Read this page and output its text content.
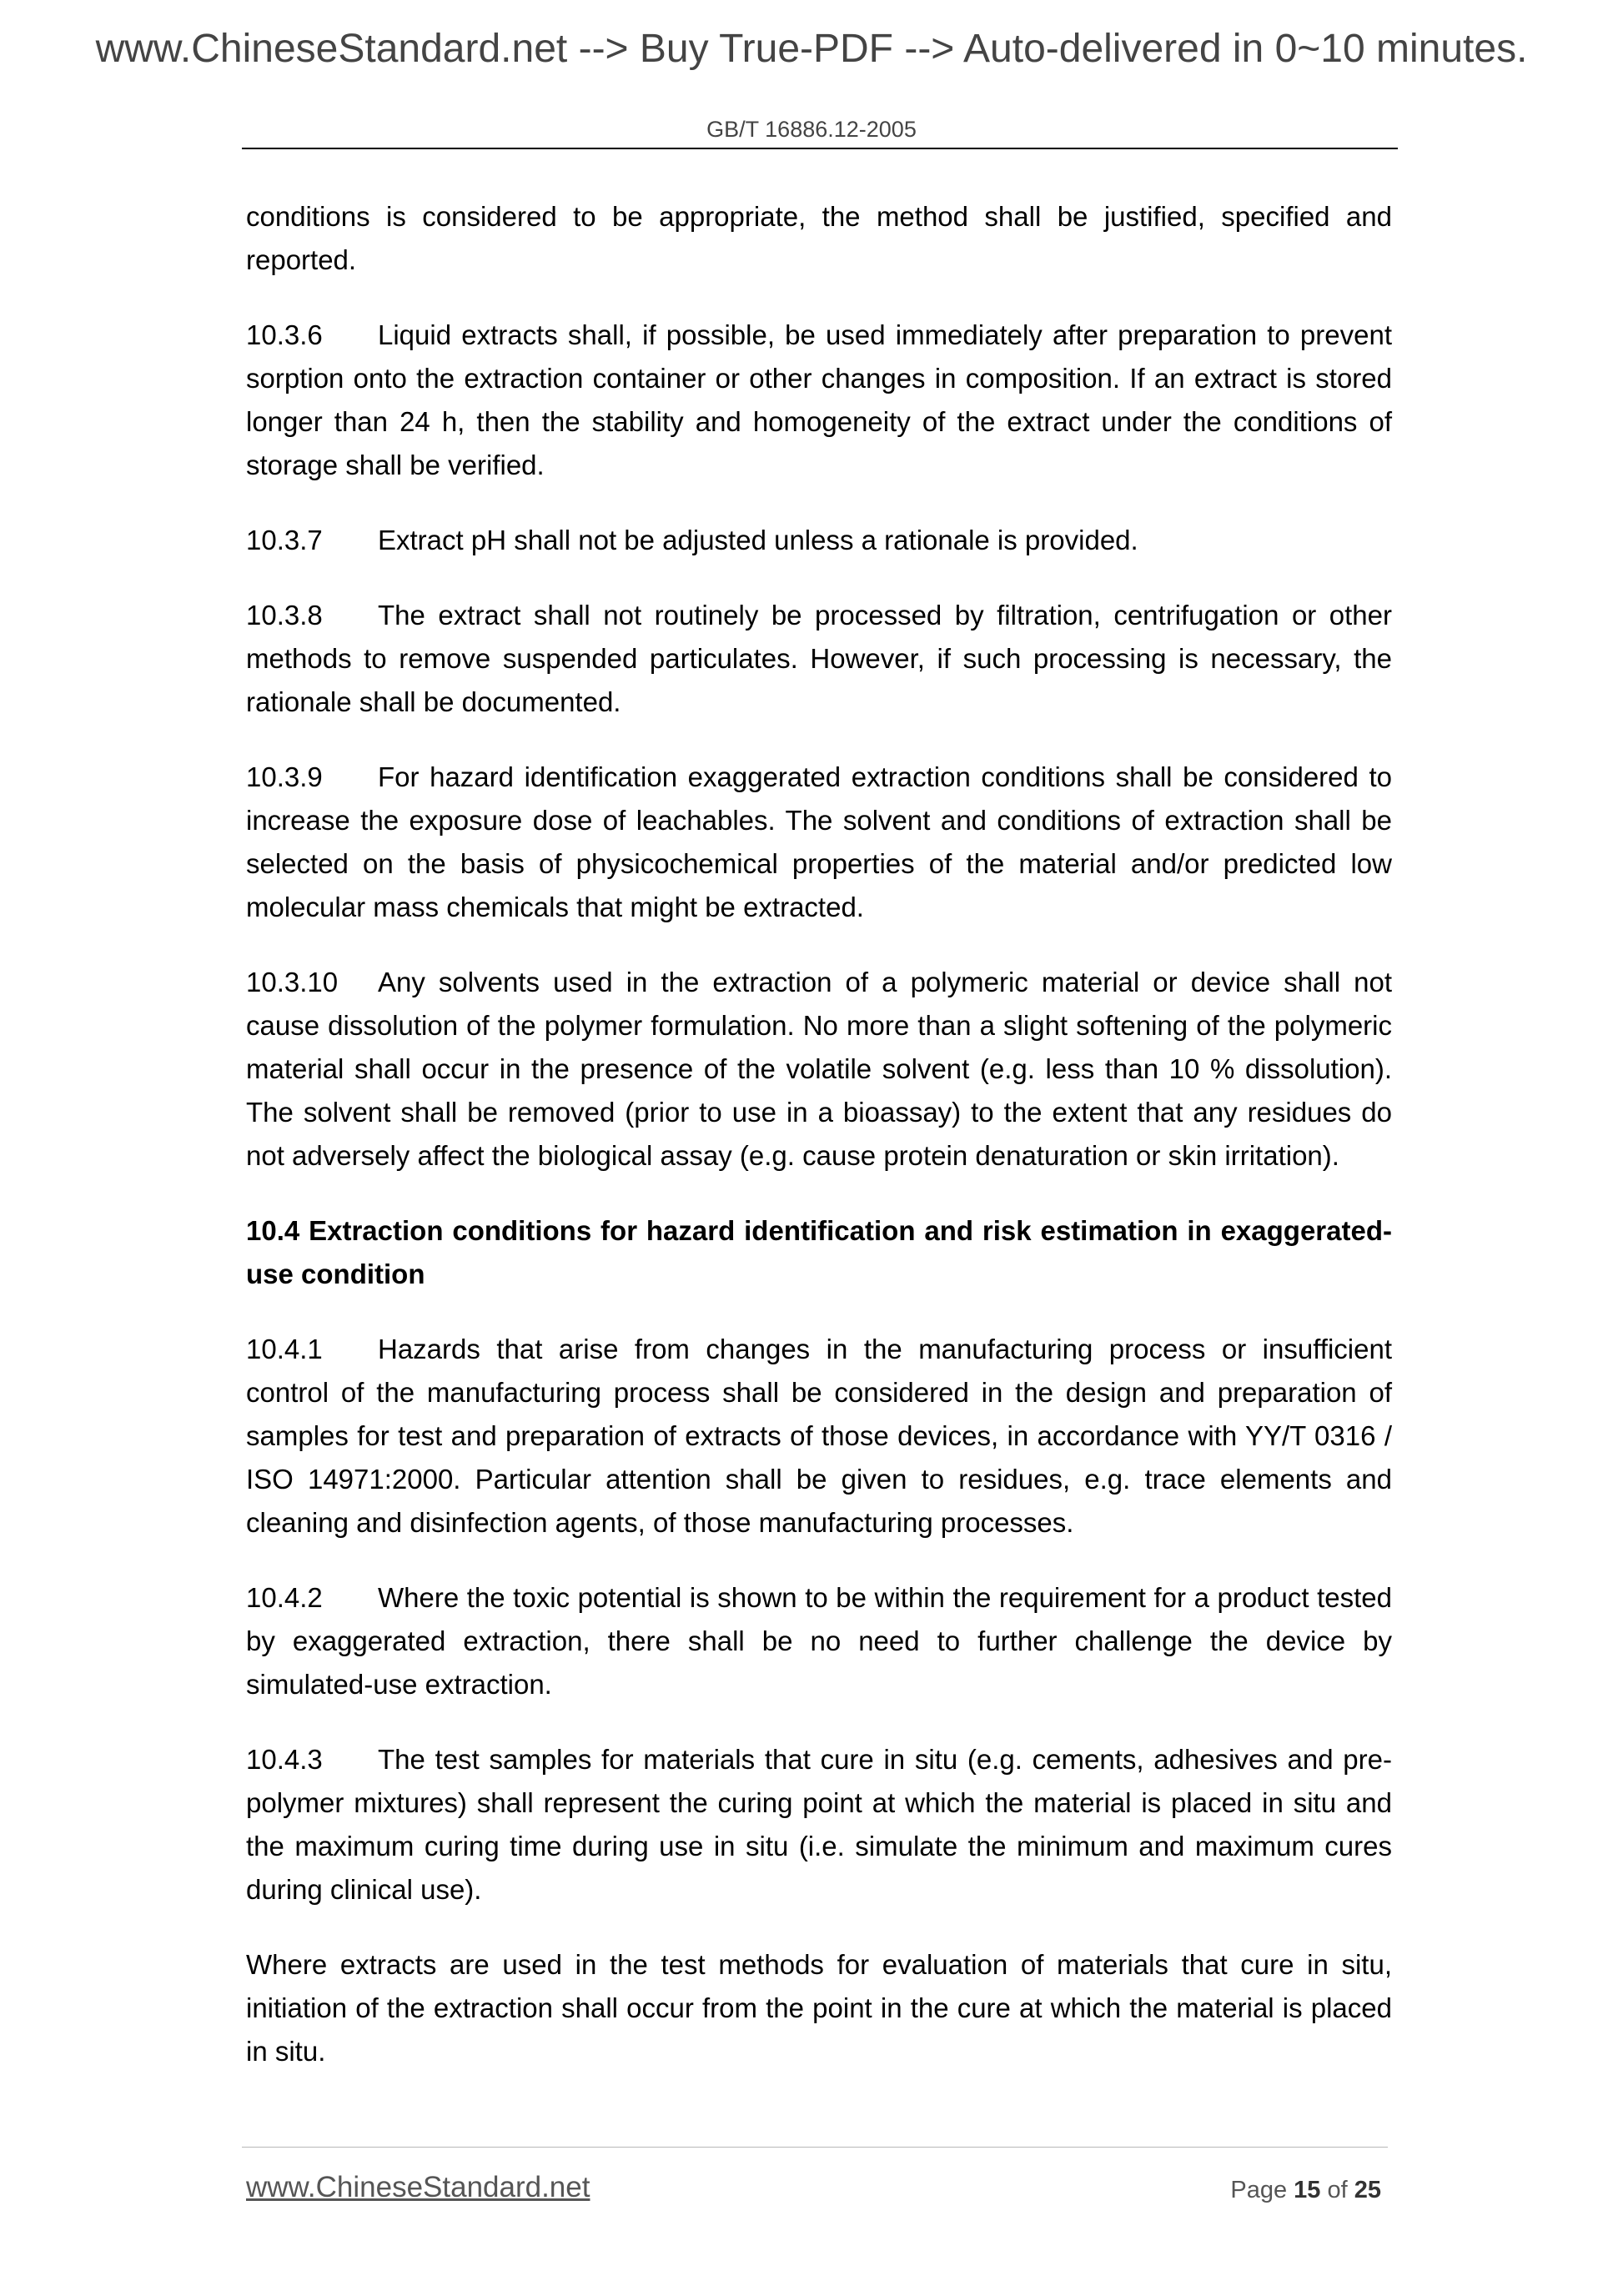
www.ChineseStandard.net --> Buy True-PDF --> Auto-delivered in 0~10 minutes.
GB/T 16886.12-2005

conditions is considered to be appropriate, the method shall be justified, specified and reported.

10.3.6 Liquid extracts shall, if possible, be used immediately after preparation to prevent sorption onto the extraction container or other changes in composition. If an extract is stored longer than 24 h, then the stability and homogeneity of the extract under the conditions of storage shall be verified.

10.3.7 Extract pH shall not be adjusted unless a rationale is provided.

10.3.8 The extract shall not routinely be processed by filtration, centrifugation or other methods to remove suspended particulates. However, if such processing is necessary, the rationale shall be documented.

10.3.9 For hazard identification exaggerated extraction conditions shall be considered to increase the exposure dose of leachables. The solvent and conditions of extraction shall be selected on the basis of physicochemical properties of the material and/or predicted low molecular mass chemicals that might be extracted.

10.3.10 Any solvents used in the extraction of a polymeric material or device shall not cause dissolution of the polymer formulation. No more than a slight softening of the polymeric material shall occur in the presence of the volatile solvent (e.g. less than 10 % dissolution). The solvent shall be removed (prior to use in a bioassay) to the extent that any residues do not adversely affect the biological assay (e.g. cause protein denaturation or skin irritation).

10.4 Extraction conditions for hazard identification and risk estimation in exaggerated-use condition

10.4.1 Hazards that arise from changes in the manufacturing process or insufficient control of the manufacturing process shall be considered in the design and preparation of samples for test and preparation of extracts of those devices, in accordance with YY/T 0316 / ISO 14971:2000. Particular attention shall be given to residues, e.g. trace elements and cleaning and disinfection agents, of those manufacturing processes.

10.4.2 Where the toxic potential is shown to be within the requirement for a product tested by exaggerated extraction, there shall be no need to further challenge the device by simulated-use extraction.

10.4.3 The test samples for materials that cure in situ (e.g. cements, adhesives and pre-polymer mixtures) shall represent the curing point at which the material is placed in situ and the maximum curing time during use in situ (i.e. simulate the minimum and maximum cures during clinical use).

Where extracts are used in the test methods for evaluation of materials that cure in situ, initiation of the extraction shall occur from the point in the cure at which the material is placed in situ.

www.ChineseStandard.net	Page 15 of 25
